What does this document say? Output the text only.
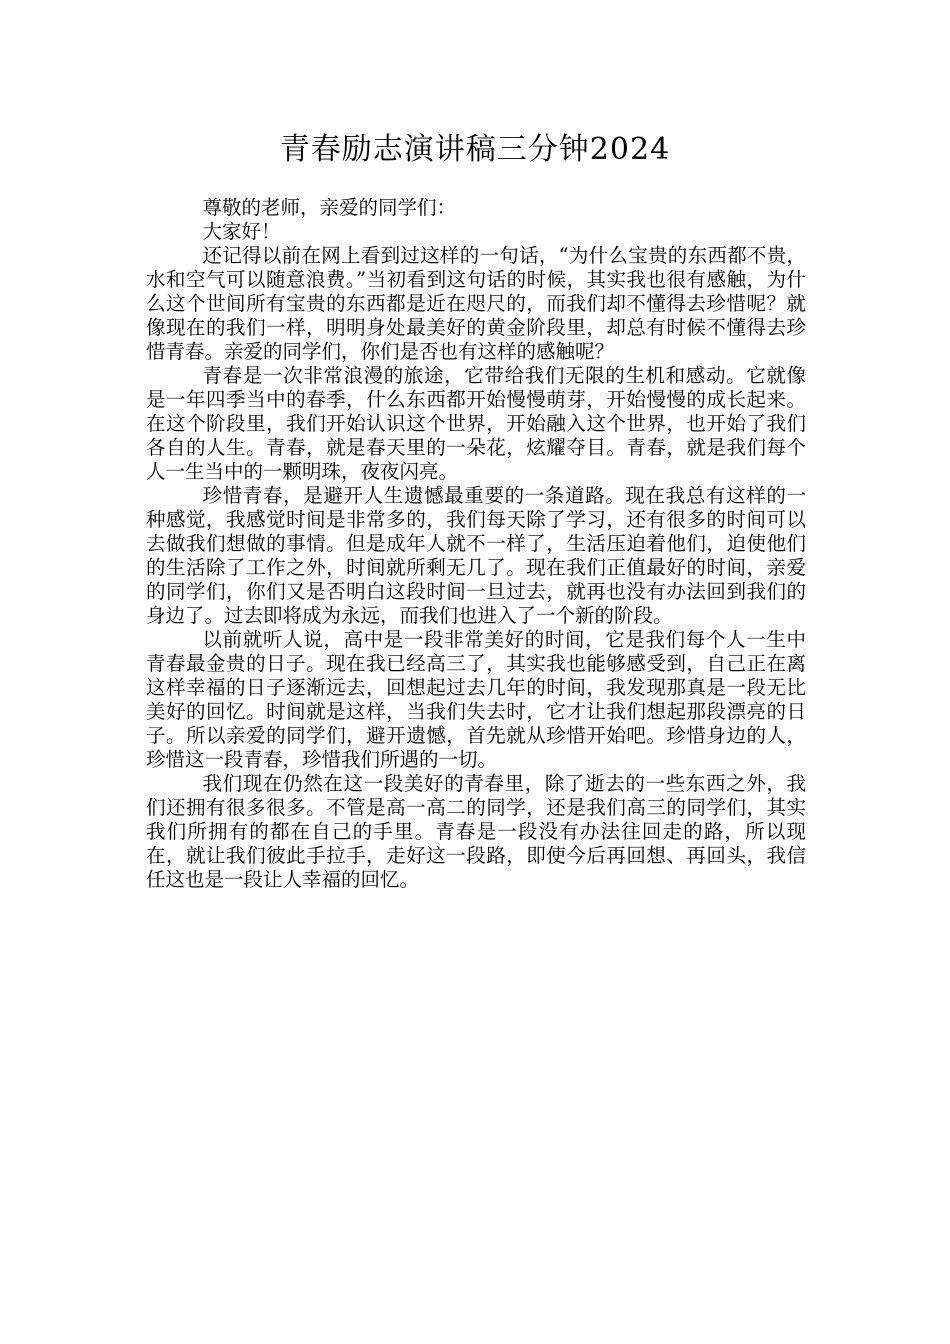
青春励志演讲稿三分钟2024

尊敬的老师，亲爱的同学们：

大家好！

还记得以前在网上看到过这样的一句话，“为什么宝贵的东西都不贵，水和空气可以随意浪费。”当初看到这句话的时候，其实我也很有感触，为什么这个世间所有宝贵的东西都是近在咫尺的，而我们却不懂得去珍惜呢？就像现在的我们一样，明明身处最美好的黄金阶段里，却总有时候不懂得去珍惜青春。亲爱的同学们，你们是否也有这样的感触呢？

青春是一次非常浪漫的旅途，它带给我们无限的生机和感动。它就像是一年四季当中的春季，什么东西都开始慢慢萌芽，开始慢慢的成长起来。在这个阶段里，我们开始认识这个世界，开始融入这个世界，也开始了我们各自的人生。青春，就是春天里的一朵花，炫耀夺目。青春，就是我们每个人一生当中的一颗明珠，夜夜闪亮。

珍惜青春，是避开人生遗憾最重要的一条道路。现在我总有这样的一种感觉，我感觉时间是非常多的，我们每天除了学习，还有很多的时间可以去做我们想做的事情。但是成年人就不一样了，生活压迫着他们，迫使他们的生活除了工作之外，时间就所剩无几了。现在我们正值最好的时间，亲爱的同学们，你们又是否明白这段时间一旦过去，就再也没有办法回到我们的身边了。过去即将成为永远，而我们也进入了一个新的阶段。

以前就听人说，高中是一段非常美好的时间，它是我们每个人一生中青春最金贵的日子。现在我已经高三了，其实我也能够感受到，自己正在离这样幸福的日子逐渐远去，回想起过去几年的时间，我发现那真是一段无比美好的回忆。时间就是这样，当我们失去时，它才让我们想起那段漂亮的日子。所以亲爱的同学们，避开遗憾，首先就从珍惜开始吧。珍惜身边的人，珍惜这一段青春，珍惜我们所遇的一切。

我们现在仍然在这一段美好的青春里，除了逝去的一些东西之外，我们还拥有很多很多。不管是高一高二的同学，还是我们高三的同学们，其实我们所拥有的都在自己的手里。青春是一段没有办法往回走的路，所以现在，就让我们彼此手拉手，走好这一段路，即使今后再回想、再回头，我信任这也是一段让人幸福的回忆。
